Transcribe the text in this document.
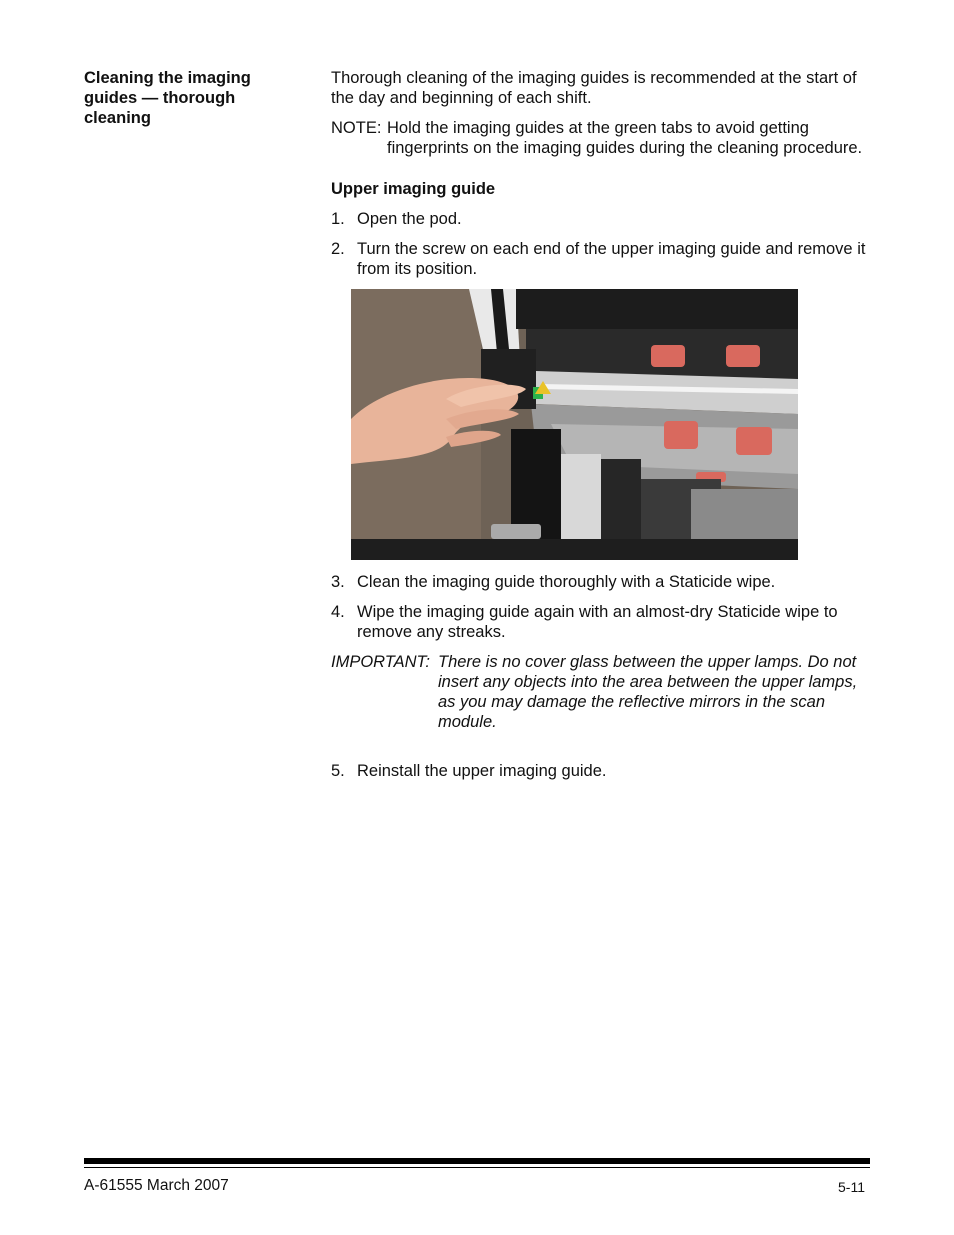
Cleaning the imaging guides — thorough cleaning

Thorough cleaning of the imaging guides is recommended at the start of the day and beginning of each shift.

NOTE: Hold the imaging guides at the green tabs to avoid getting fingerprints on the imaging guides during the cleaning procedure.

Upper imaging guide

1. Open the pod.
2. Turn the screw on each end of the upper imaging guide and remove it from its position.
3. Clean the imaging guide thoroughly with a Staticide wipe.
4. Wipe the imaging guide again with an almost-dry Staticide wipe to remove any streaks.
IMPORTANT: There is no cover glass between the upper lamps. Do not insert any objects into the area between the upper lamps, as you may damage the reflective mirrors in the scan module.
5. Reinstall the upper imaging guide.
A-61555 March 2007	5-11
